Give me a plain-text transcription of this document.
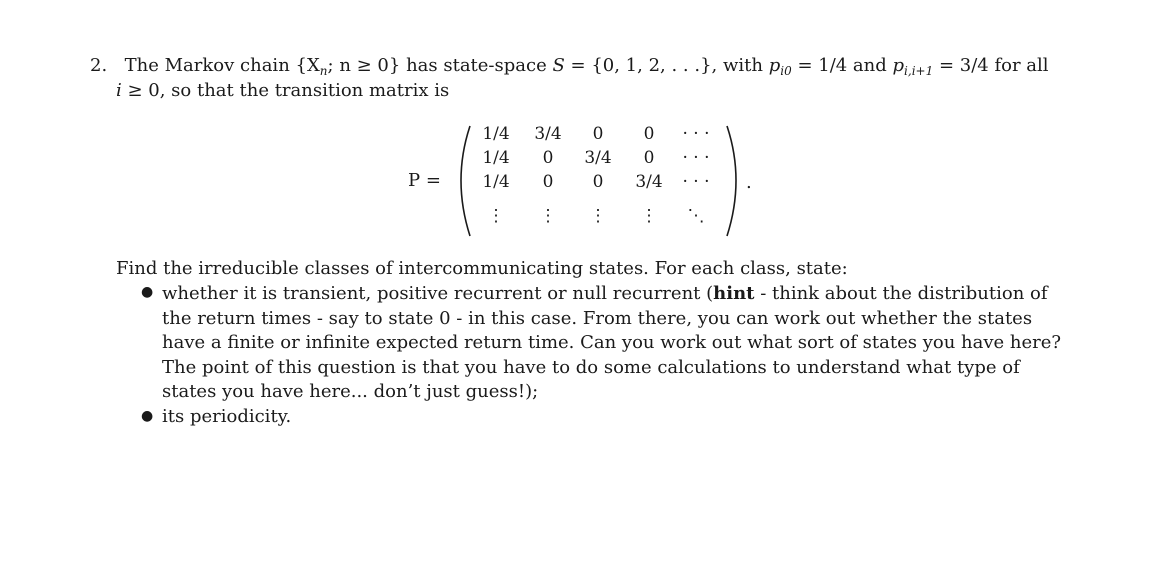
2. The Markov chain {$X_n$; n ≥ 0} has state-space S = {0, 1, 2, . . .}, with $p_{i0} = 1/4$ and $p_{i,i+1} = 3/4$ for all
i ≥ 0, so that the transition matrix is
P =
1/4	3/4	0	0	· · ·
1/4	0	3/4	0	· · ·
1/4	0	0	3/4	· · ·
⋮	⋮	⋮	⋮	⋱
.
Find the irreducible classes of intercommunicating states. For each class, state:
● whether it is transient, positive recurrent or null recurrent (hint - think about the distribution of
the return times - say to state 0 - in this case. From there, you can work out whether the states
have a finite or infinite expected return time. Can you work out what sort of states you have here?
The point of this question is that you have to do some calculations to understand what type of
states you have here... don’t just guess!);
● its periodicity.
